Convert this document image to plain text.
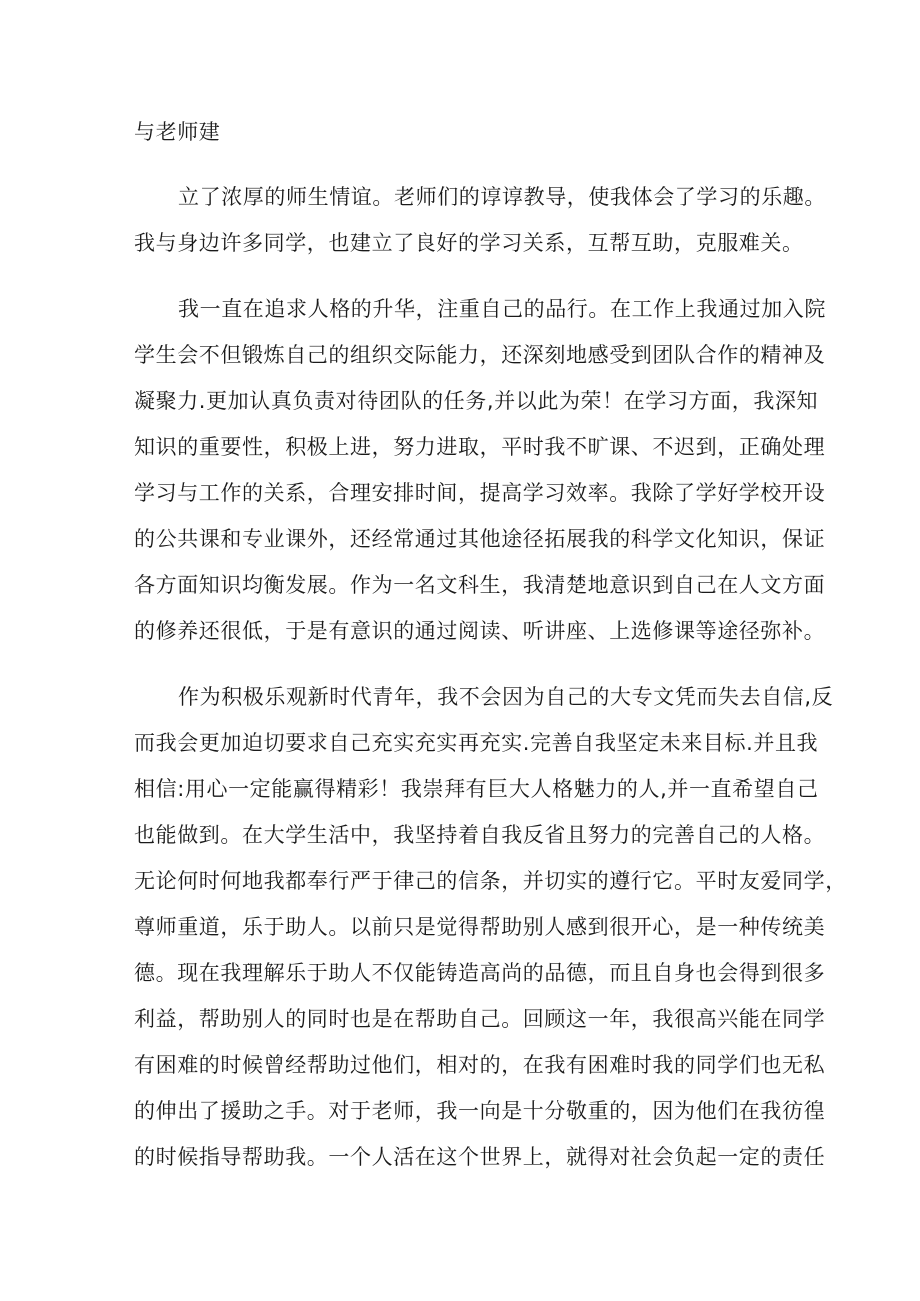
与老师建
立了浓厚的师生情谊。老师们的谆谆教导，使我体会了学习的乐趣。
我与身边许多同学，也建立了良好的学习关系，互帮互助，克服难关。
我一直在追求人格的升华，注重自己的品行。在工作上我通过加入院
学生会不但锻炼自己的组织交际能力，还深刻地感受到团队合作的精神及
凝聚力.更加认真负责对待团队的任务,并以此为荣！在学习方面，我深知
知识的重要性，积极上进，努力进取，平时我不旷课、不迟到，正确处理
学习与工作的关系，合理安排时间，提高学习效率。我除了学好学校开设
的公共课和专业课外，还经常通过其他途径拓展我的科学文化知识，保证
各方面知识均衡发展。作为一名文科生，我清楚地意识到自己在人文方面
的修养还很低，于是有意识的通过阅读、听讲座、上选修课等途径弥补。
作为积极乐观新时代青年，我不会因为自己的大专文凭而失去自信,反
而我会更加迫切要求自己充实充实再充实.完善自我坚定未来目标.并且我
相信:用心一定能赢得精彩！我崇拜有巨大人格魅力的人,并一直希望自己
也能做到。在大学生活中，我坚持着自我反省且努力的完善自己的人格。
无论何时何地我都奉行严于律己的信条，并切实的遵行它。平时友爱同学，
尊师重道，乐于助人。以前只是觉得帮助别人感到很开心，是一种传统美
德。现在我理解乐于助人不仅能铸造高尚的品德，而且自身也会得到很多
利益，帮助别人的同时也是在帮助自己。回顾这一年，我很高兴能在同学
有困难的时候曾经帮助过他们，相对的，在我有困难时我的同学们也无私
的伸出了援助之手。对于老师，我一向是十分敬重的，因为他们在我彷徨
的时候指导帮助我。一个人活在这个世界上，就得对社会负起一定的责任
